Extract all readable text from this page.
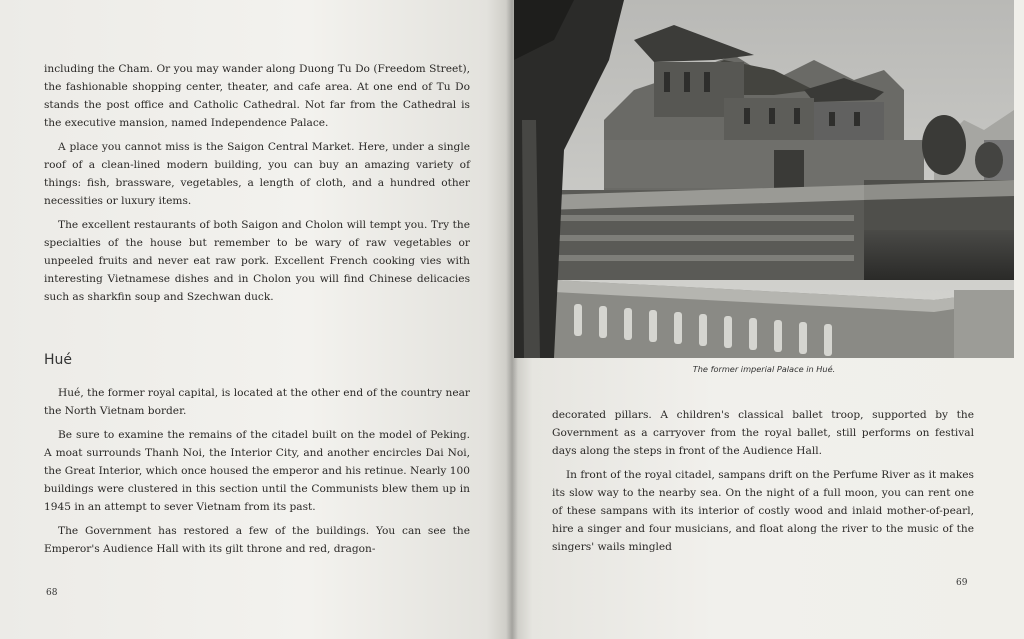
including the Cham. Or you may wander along Duong Tu Do (Freedom Street), the fashionable shopping center, theater, and cafe area. At one end of Tu Do stands the post office and Catholic Cathedral. Not far from the Cathedral is the executive mansion, named Independence Palace.

A place you cannot miss is the Saigon Central Market. Here, under a single roof of a clean-lined modern building, you can buy an amazing variety of things: fish, brassware, vegetables, a length of cloth, and a hundred other necessities or luxury items.

The excellent restaurants of both Saigon and Cholon will tempt you. Try the specialties of the house but remember to be wary of raw vegetables or unpeeled fruits and never eat raw pork. Excellent French cooking vies with interesting Vietnamese dishes and in Cholon you will find Chinese delicacies such as sharkfin soup and Szechwan duck.

Hué

Hué, the former royal capital, is located at the other end of the country near the North Vietnam border.

Be sure to examine the remains of the citadel built on the model of Peking. A moat surrounds Thanh Noi, the Interior City, and another encircles Dai Noi, the Great Interior, which once housed the emperor and his retinue. Nearly 100 buildings were clustered in this section until the Communists blew them up in 1945 in an attempt to sever Vietnam from its past.

The Government has restored a few of the buildings. You can see the Emperor's Audience Hall with its gilt throne and red, dragon-

68
The former imperial Palace in Hué.

decorated pillars. A children's classical ballet troop, supported by the Government as a carryover from the royal ballet, still performs on festival days along the steps in front of the Audience Hall.

In front of the royal citadel, sampans drift on the Perfume River as it makes its slow way to the nearby sea. On the night of a full moon, you can rent one of these sampans with its interior of costly wood and inlaid mother-of-pearl, hire a singer and four musicians, and float along the river to the music of the singers' wails mingled

69
